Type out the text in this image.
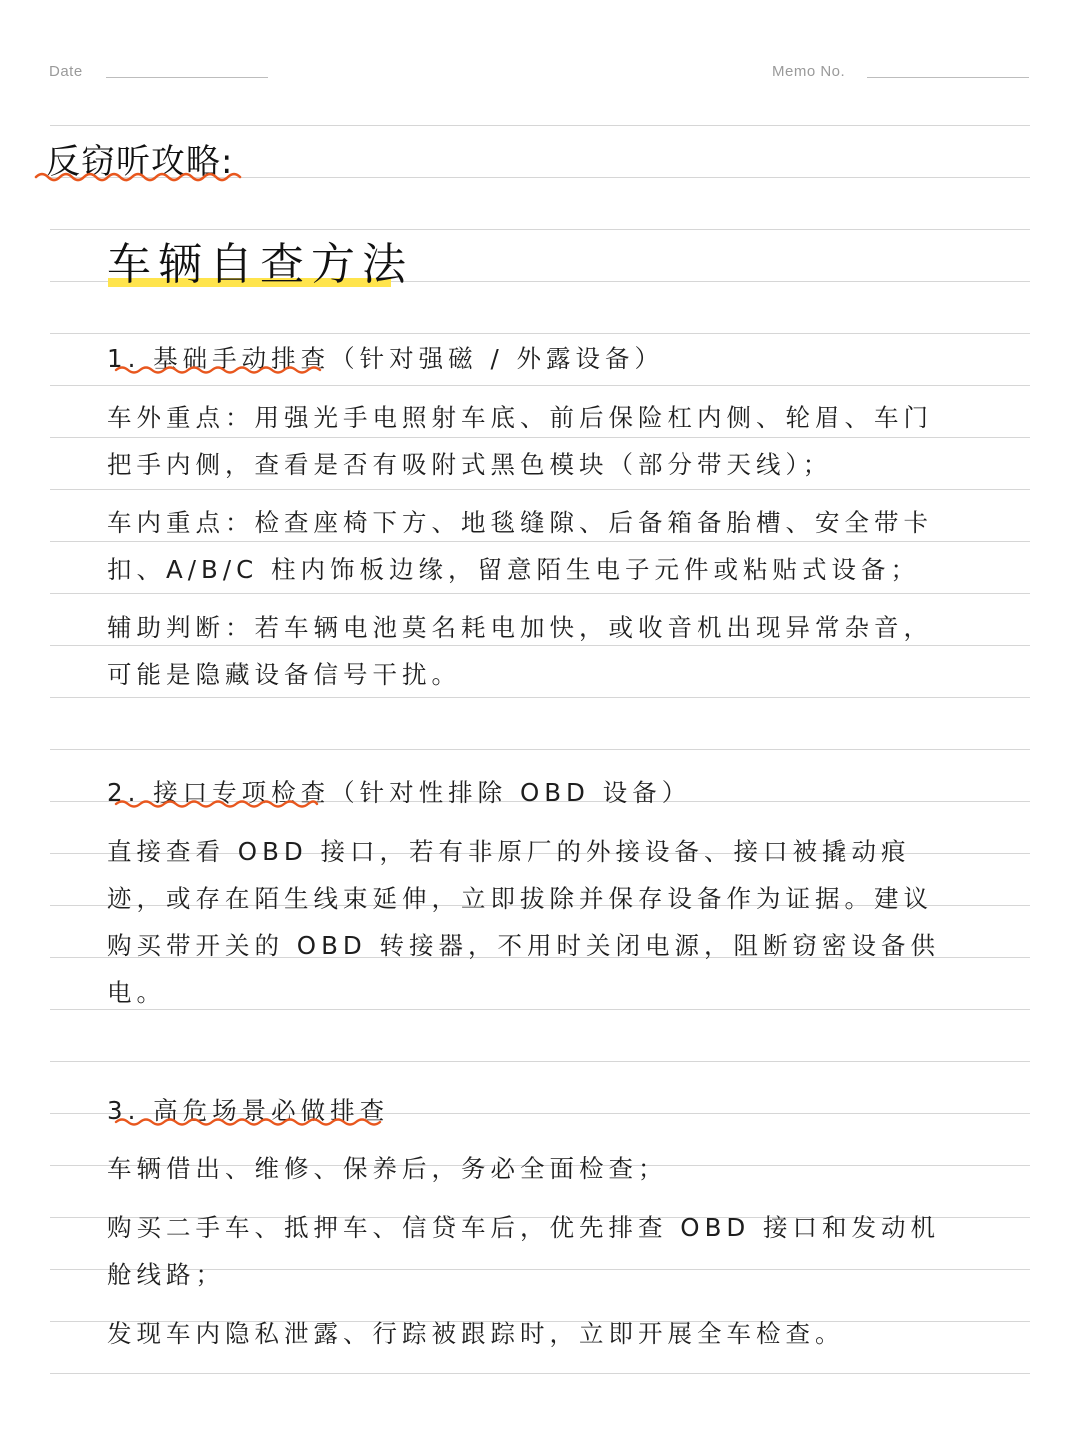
Date	Memo No.
反窃听攻略:
车辆自查方法
1. 基础手动排查（针对强磁 / 外露设备）
车外重点：用强光手电照射车底、前后保险杠内侧、轮眉、车门
把手内侧，查看是否有吸附式黑色模块（部分带天线）；
车内重点：检查座椅下方、地毯缝隙、后备箱备胎槽、安全带卡
扣、A/B/C 柱内饰板边缘，留意陌生电子元件或粘贴式设备；
辅助判断：若车辆电池莫名耗电加快，或收音机出现异常杂音，
可能是隐藏设备信号干扰。
2. 接口专项检查（针对性排除 OBD 设备）
直接查看 OBD 接口，若有非原厂的外接设备、接口被撬动痕
迹，或存在陌生线束延伸，立即拔除并保存设备作为证据。建议
购买带开关的 OBD 转接器，不用时关闭电源，阻断窃密设备供
电。
3. 高危场景必做排查
车辆借出、维修、保养后，务必全面检查；
购买二手车、抵押车、信贷车后，优先排查 OBD 接口和发动机
舱线路；
发现车内隐私泄露、行踪被跟踪时，立即开展全车检查。
